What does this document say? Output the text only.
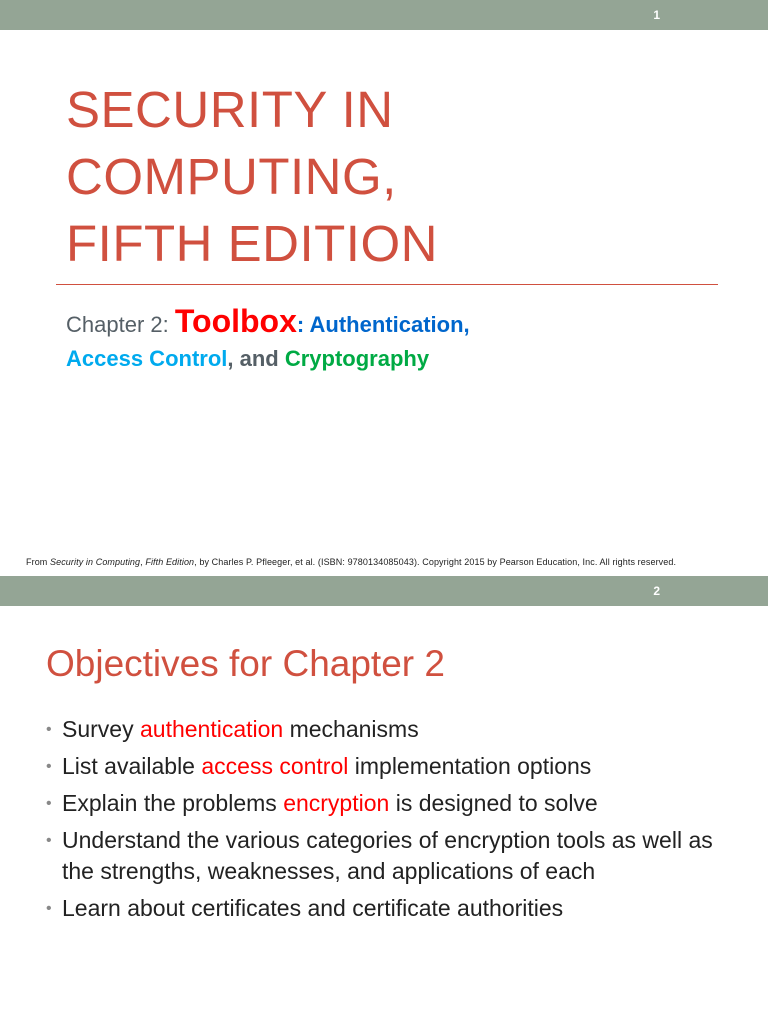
1
SECURITY IN
COMPUTING,
FIFTH EDITION
Chapter 2: Toolbox: Authentication,
Access Control, and Cryptography
From Security in Computing, Fifth Edition, by Charles P. Pfleeger, et al. (ISBN: 9780134085043). Copyright 2015 by Pearson Education, Inc. All rights reserved.
2
Objectives for Chapter 2
• Survey authentication mechanisms
• List available access control implementation options
• Explain the problems encryption is designed to solve
• Understand the various categories of encryption tools as well as the strengths, weaknesses, and applications of each
• Learn about certificates and certificate authorities
